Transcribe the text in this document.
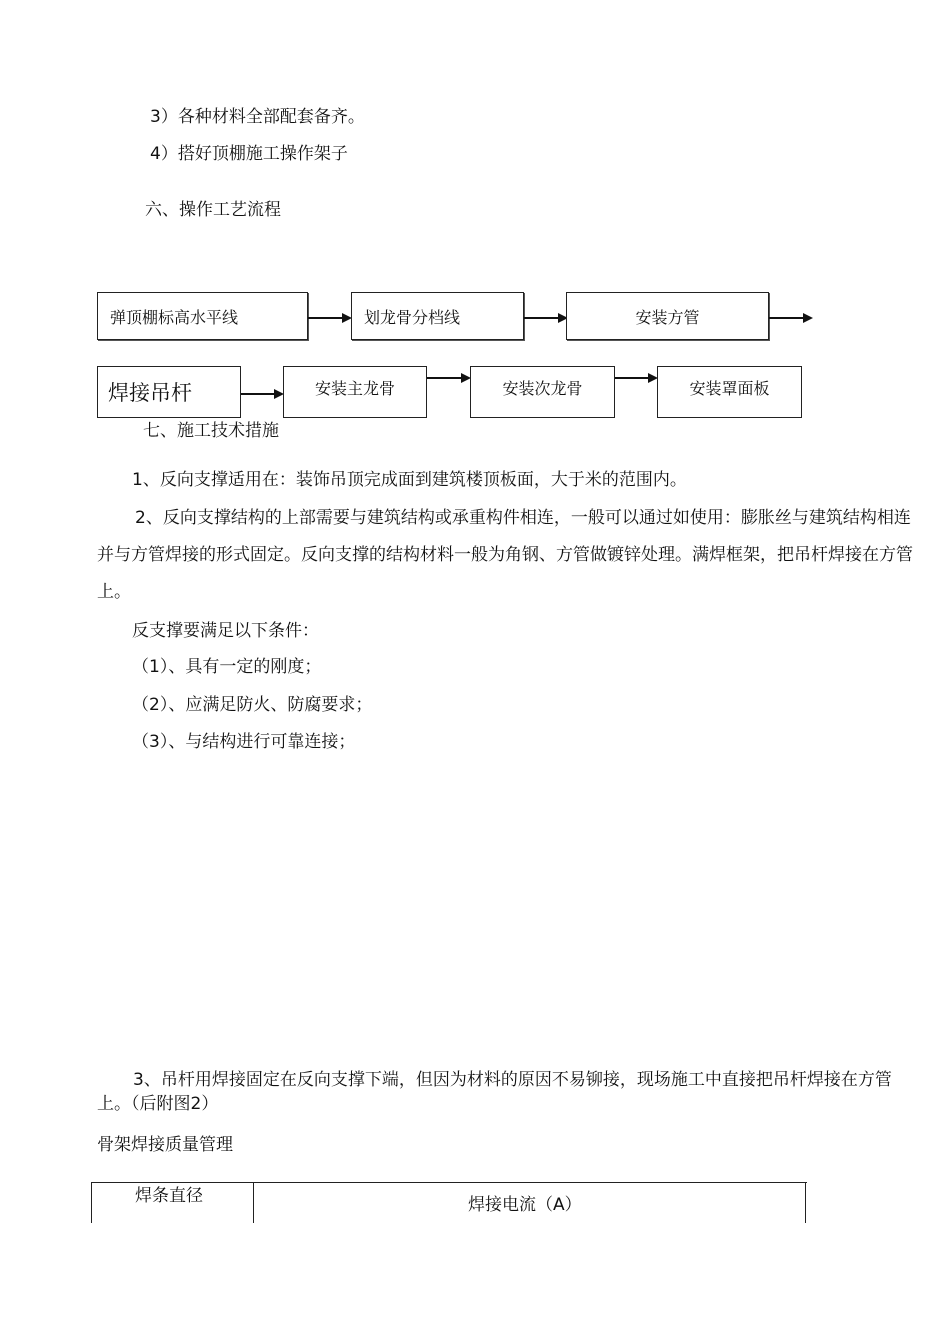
3）各种材料全部配套备齐。
4）搭好顶棚施工操作架子
六、操作工艺流程
弹顶棚标高水平线	划龙骨分档线	安装方管
焊接吊杆	安装主龙骨	安装次龙骨	安装罩面板
七、施工技术措施
1、反向支撑适用在：装饰吊顶完成面到建筑楼顶板面，大于米的范围内。
2、反向支撑结构的上部需要与建筑结构或承重构件相连，一般可以通过如使用：膨胀丝与建筑结构相连并与方管焊接的形式固定。反向支撑的结构材料一般为角钢、方管做镀锌处理。满焊框架，把吊杆焊接在方管上。
反支撑要满足以下条件：
（1）、具有一定的刚度；
（2）、应满足防火、防腐要求；
（3）、与结构进行可靠连接；
3、吊杆用焊接固定在反向支撑下端，但因为材料的原因不易铆接，现场施工中直接把吊杆焊接在方管上。（后附图2）
骨架焊接质量管理
焊条直径	焊接电流（A）
